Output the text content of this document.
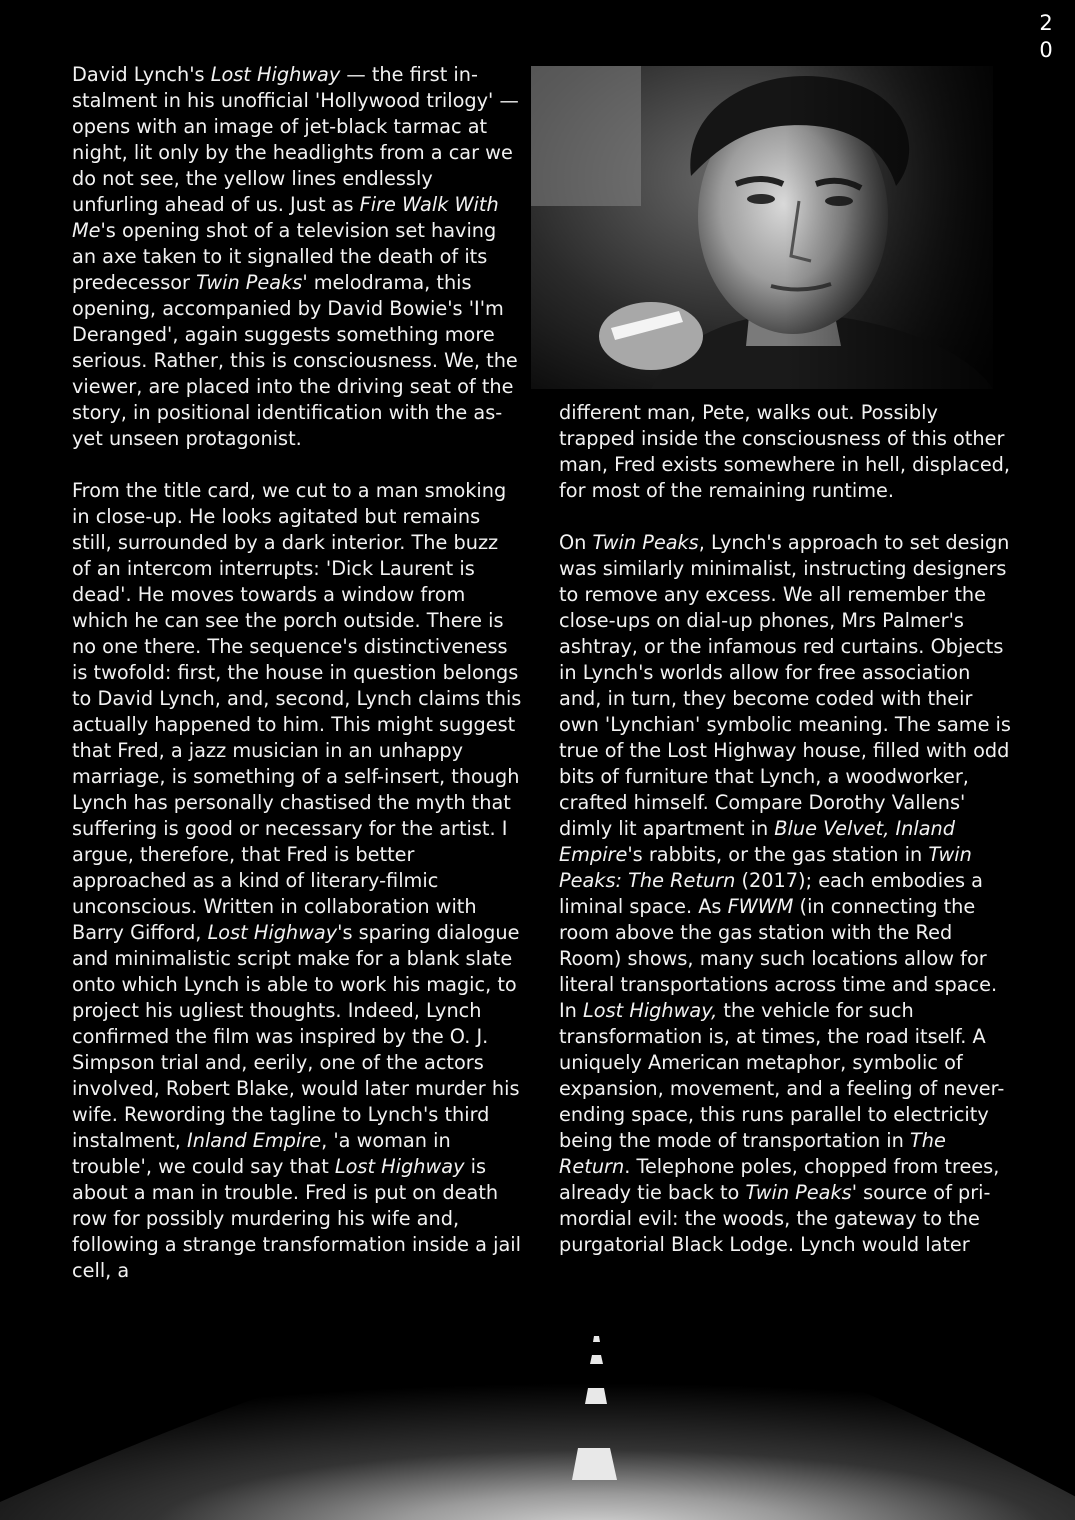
2
0

David Lynch's Lost Highway — the first instalment in his unofficial 'Hollywood trilogy' — opens with an image of jet-black tarmac at night, lit only by the headlights from a car we do not see, the yellow lines endlessly unfurling ahead of us. Just as Fire Walk With Me's opening shot of a television set having an axe taken to it signalled the death of its predecessor Twin Peaks' melodrama, this opening, accompanied by David Bowie's 'I'm Deranged', again suggests something more serious. Rather, this is consciousness. We, the viewer, are placed into the driving seat of the story, in positional identification with the as-yet unseen protagonist.

From the title card, we cut to a man smoking in close-up. He looks agitated but remains still, surrounded by a dark interior. The buzz of an intercom interrupts: 'Dick Laurent is dead'. He moves towards a window from which he can see the porch outside. There is no one there. The sequence's distinctiveness is twofold: first, the house in question belongs to David Lynch, and, second, Lynch claims this actually happened to him. This might suggest that Fred, a jazz musician in an unhappy marriage, is something of a self-insert, though Lynch has personally chastised the myth that suffering is good or necessary for the artist. I argue, therefore, that Fred is better approached as a kind of literary-filmic unconscious. Written in collaboration with Barry Gifford, Lost Highway's sparing dialogue and minimalistic script make for a blank slate onto which Lynch is able to work his magic, to project his ugliest thoughts. Indeed, Lynch confirmed the film was inspired by the O. J. Simpson trial and, eerily, one of the actors involved, Robert Blake, would later murder his wife. Rewording the tagline to Lynch's third instalment, Inland Empire, 'a woman in trouble', we could say that Lost Highway is about a man in trouble. Fred is put on death row for possibly murdering his wife and, following a strange transformation inside a jail cell, a

different man, Pete, walks out. Possibly trapped inside the consciousness of this other man, Fred exists somewhere in hell, displaced, for most of the remaining runtime.

On Twin Peaks, Lynch's approach to set design was similarly minimalist, instructing designers to remove any excess. We all remember the close-ups on dial-up phones, Mrs Palmer's ashtray, or the infamous red curtains. Objects in Lynch's worlds allow for free association and, in turn, they become coded with their own 'Lynchian' symbolic meaning. The same is true of the Lost Highway house, filled with odd bits of furniture that Lynch, a woodworker, crafted himself. Compare Dorothy Vallens' dimly lit apartment in Blue Velvet, Inland Empire's rabbits, or the gas station in Twin Peaks: The Return (2017); each embodies a liminal space. As FWWM (in connecting the room above the gas station with the Red Room) shows, many such locations allow for literal transportations across time and space. In Lost Highway, the vehicle for such transformation is, at times, the road itself. A uniquely American metaphor, symbolic of expansion, movement, and a feeling of never-ending space, this runs parallel to electricity being the mode of transportation in The Return. Telephone poles, chopped from trees, already tie back to Twin Peaks' source of primordial evil: the woods, the gateway to the purgatorial Black Lodge. Lynch would later
